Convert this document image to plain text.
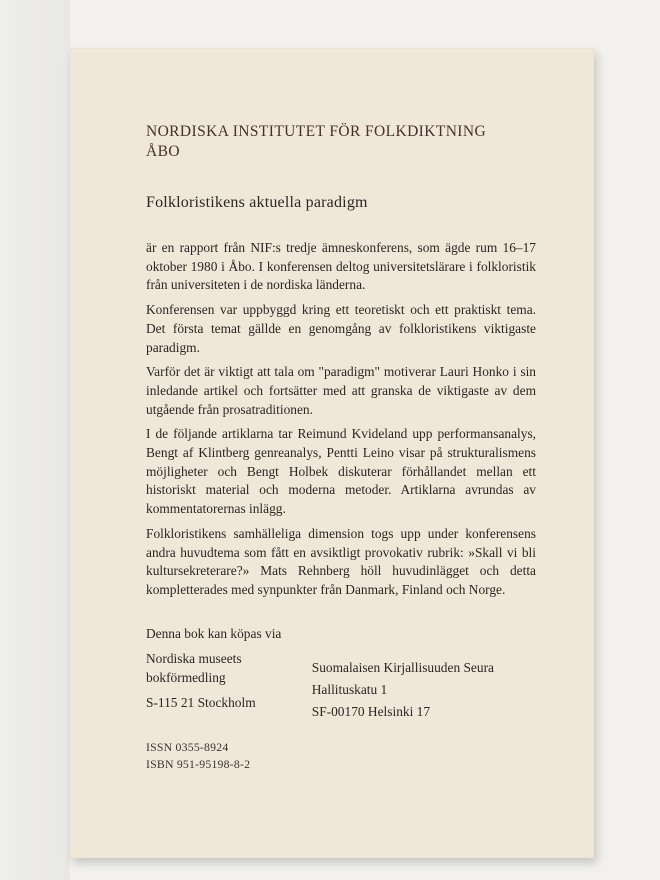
NORDISKA INSTITUTET FÖR FOLKDIKTNING
ÅBO
Folkloristikens aktuella paradigm

är en rapport från NIF:s tredje ämneskonferens, som ägde rum 16–17 oktober 1980 i Åbo. I konferensen deltog universitetslärare i folkloristik från universiteten i de nordiska länderna.

Konferensen var uppbyggd kring ett teoretiskt och ett praktiskt tema. Det första temat gällde en genomgång av folkloristikens viktigaste paradigm.

Varför det är viktigt att tala om "paradigm" motiverar Lauri Honko i sin inledande artikel och fortsätter med att granska de viktigaste av dem utgående från prosatraditionen.

I de följande artiklarna tar Reimund Kvideland upp performansanalys, Bengt af Klintberg genreanalys, Pentti Leino visar på strukturalismens möjligheter och Bengt Holbek diskuterar förhållandet mellan ett historiskt material och moderna metoder. Artiklarna avrundas av kommentatorernas inlägg.

Folkloristikens samhälleliga dimension togs upp under konferensens andra huvudtema som fått en avsiktligt provokativ rubrik: »Skall vi bli kultursekreterare?» Mats Rehnberg höll huvudinlägget och detta kompletterades med synpunkter från Danmark, Finland och Norge.

Denna bok kan köpas via
Nordiska museets
bokförmedling
S-115 21 Stockholm
Suomalaisen Kirjallisuuden Seura
Hallituskatu 1
SF-00170 Helsinki 17
ISSN 0355-8924
ISBN 951-95198-8-2
